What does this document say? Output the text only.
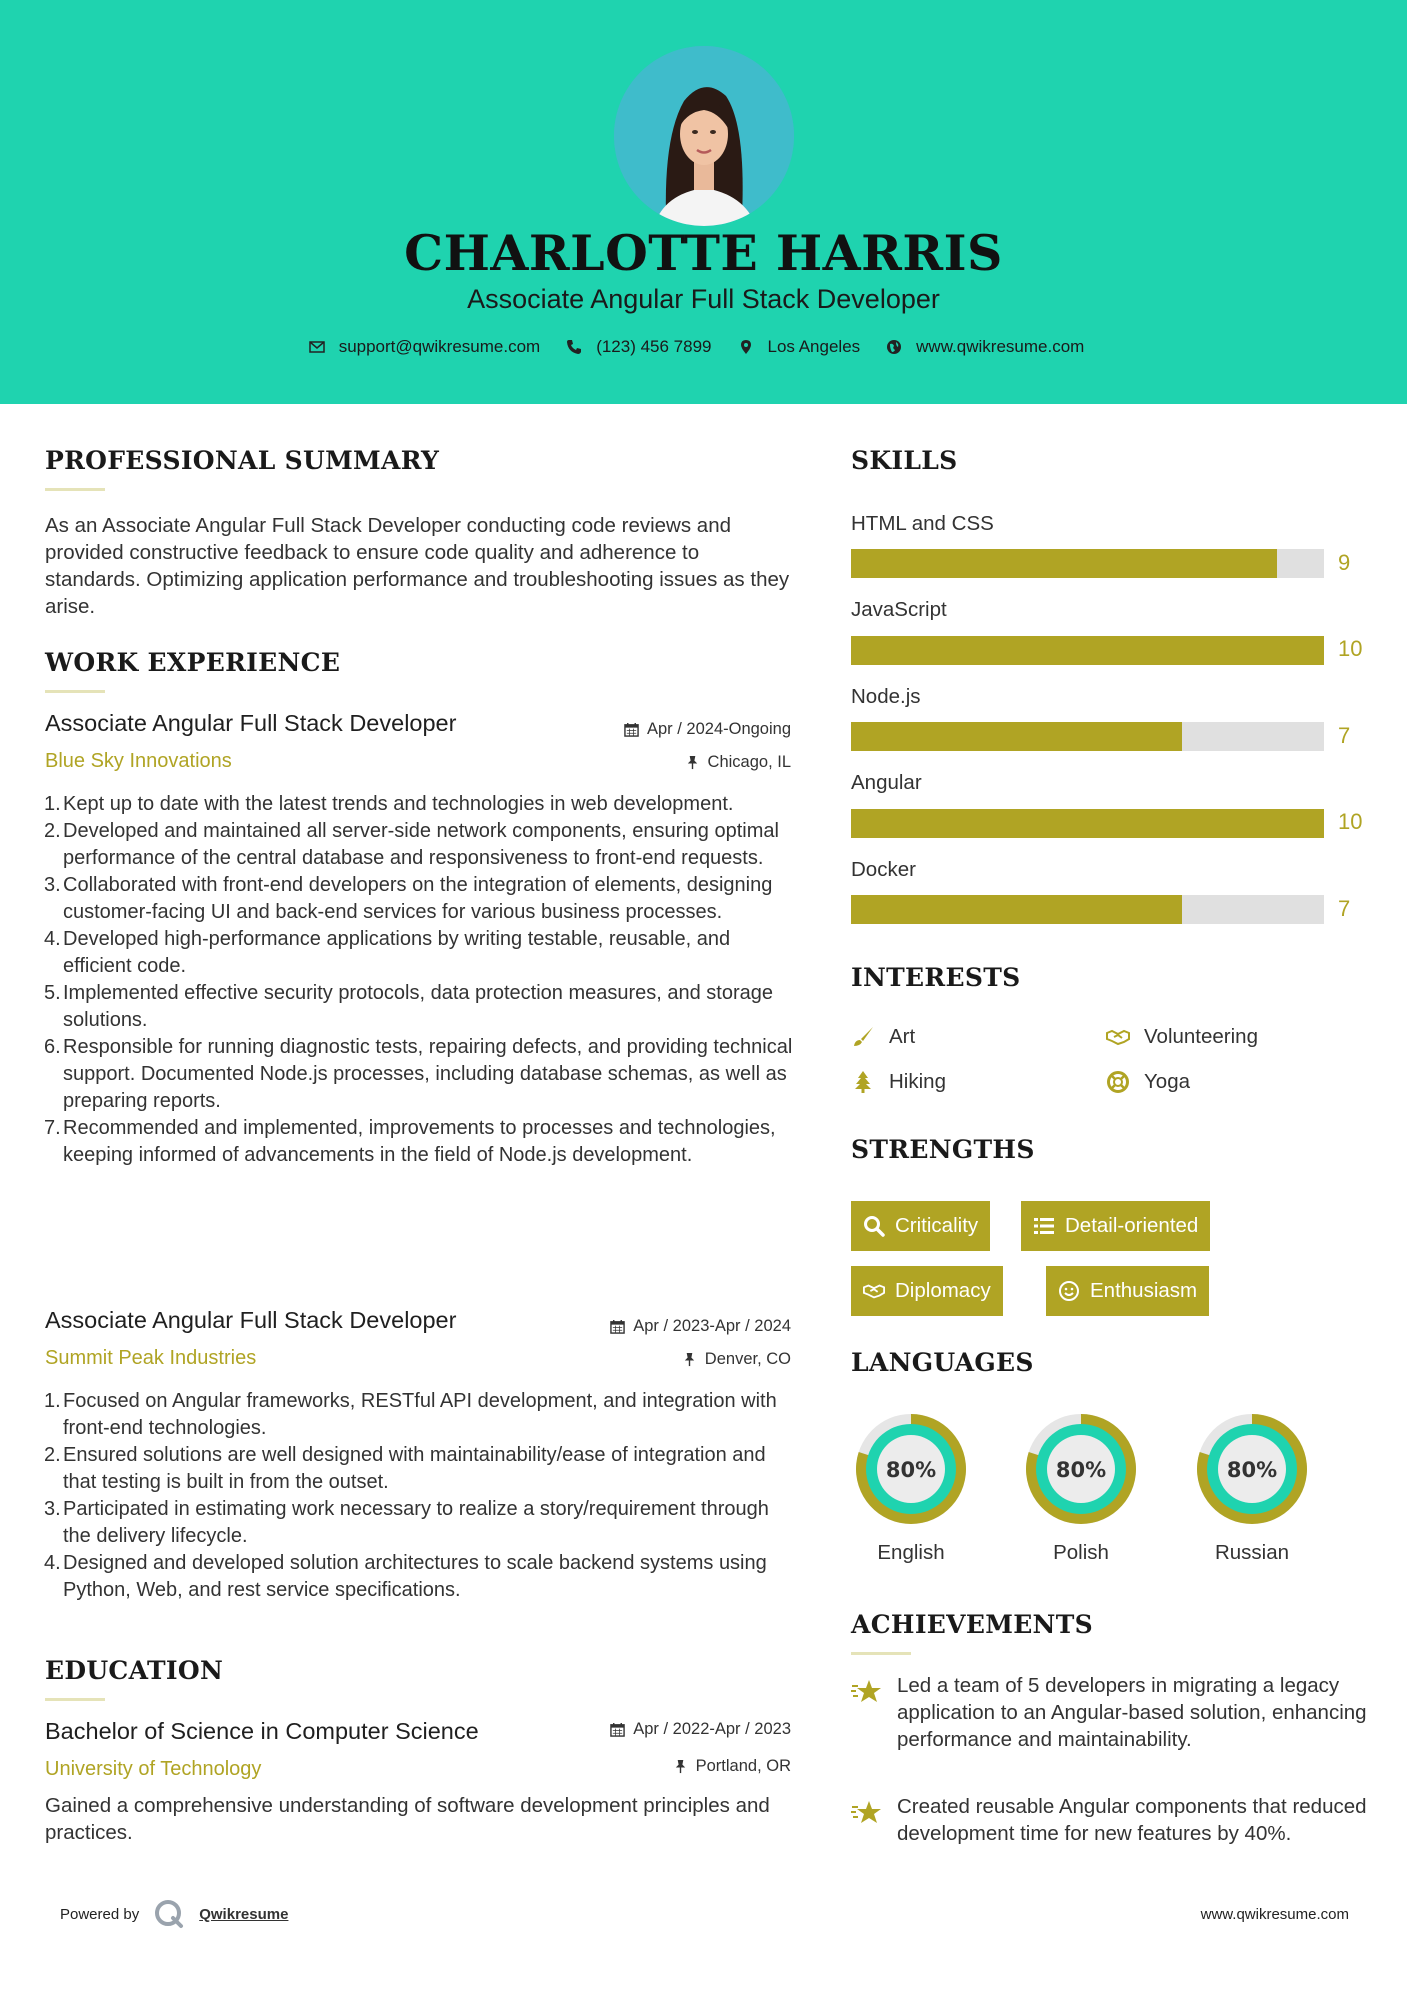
CHARLOTTE HARRIS
Associate Angular Full Stack Developer
support@qwikresume.com	(123) 456 7899	Los Angeles	www.qwikresume.com
PROFESSIONAL SUMMARY
As an Associate Angular Full Stack Developer conducting code reviews and provided constructive feedback to ensure code quality and adherence to standards. Optimizing application performance and troubleshooting issues as they arise.
WORK EXPERIENCE
Associate Angular Full Stack Developer	Apr / 2024-Ongoing
Blue Sky Innovations	Chicago, IL
1. Kept up to date with the latest trends and technologies in web development.
2. Developed and maintained all server-side network components, ensuring optimal performance of the central database and responsiveness to front-end requests.
3. Collaborated with front-end developers on the integration of elements, designing customer-facing UI and back-end services for various business processes.
4. Developed high-performance applications by writing testable, reusable, and efficient code.
5. Implemented effective security protocols, data protection measures, and storage solutions.
6. Responsible for running diagnostic tests, repairing defects, and providing technical support. Documented Node.js processes, including database schemas, as well as preparing reports.
7. Recommended and implemented, improvements to processes and technologies, keeping informed of advancements in the field of Node.js development.
Associate Angular Full Stack Developer	Apr / 2023-Apr / 2024
Summit Peak Industries	Denver, CO
1. Focused on Angular frameworks, RESTful API development, and integration with front-end technologies.
2. Ensured solutions are well designed with maintainability/ease of integration and that testing is built in from the outset.
3. Participated in estimating work necessary to realize a story/requirement through the delivery lifecycle.
4. Designed and developed solution architectures to scale backend systems using Python, Web, and rest service specifications.
EDUCATION
Bachelor of Science in Computer Science	Apr / 2022-Apr / 2023
University of Technology	Portland, OR
Gained a comprehensive understanding of software development principles and practices.
SKILLS
HTML and CSS
9
JavaScript
10
Node.js
7
Angular
10
Docker
7
INTERESTS
Art	Volunteering
Hiking	Yoga
STRENGTHS
Criticality	Detail-oriented
Diplomacy	Enthusiasm
LANGUAGES
80%
English
80%
Polish
80%
Russian
ACHIEVEMENTS
Led a team of 5 developers in migrating a legacy application to an Angular-based solution, enhancing performance and maintainability.
Created reusable Angular components that reduced development time for new features by 40%.
Powered by	Qwikresume	www.qwikresume.com
